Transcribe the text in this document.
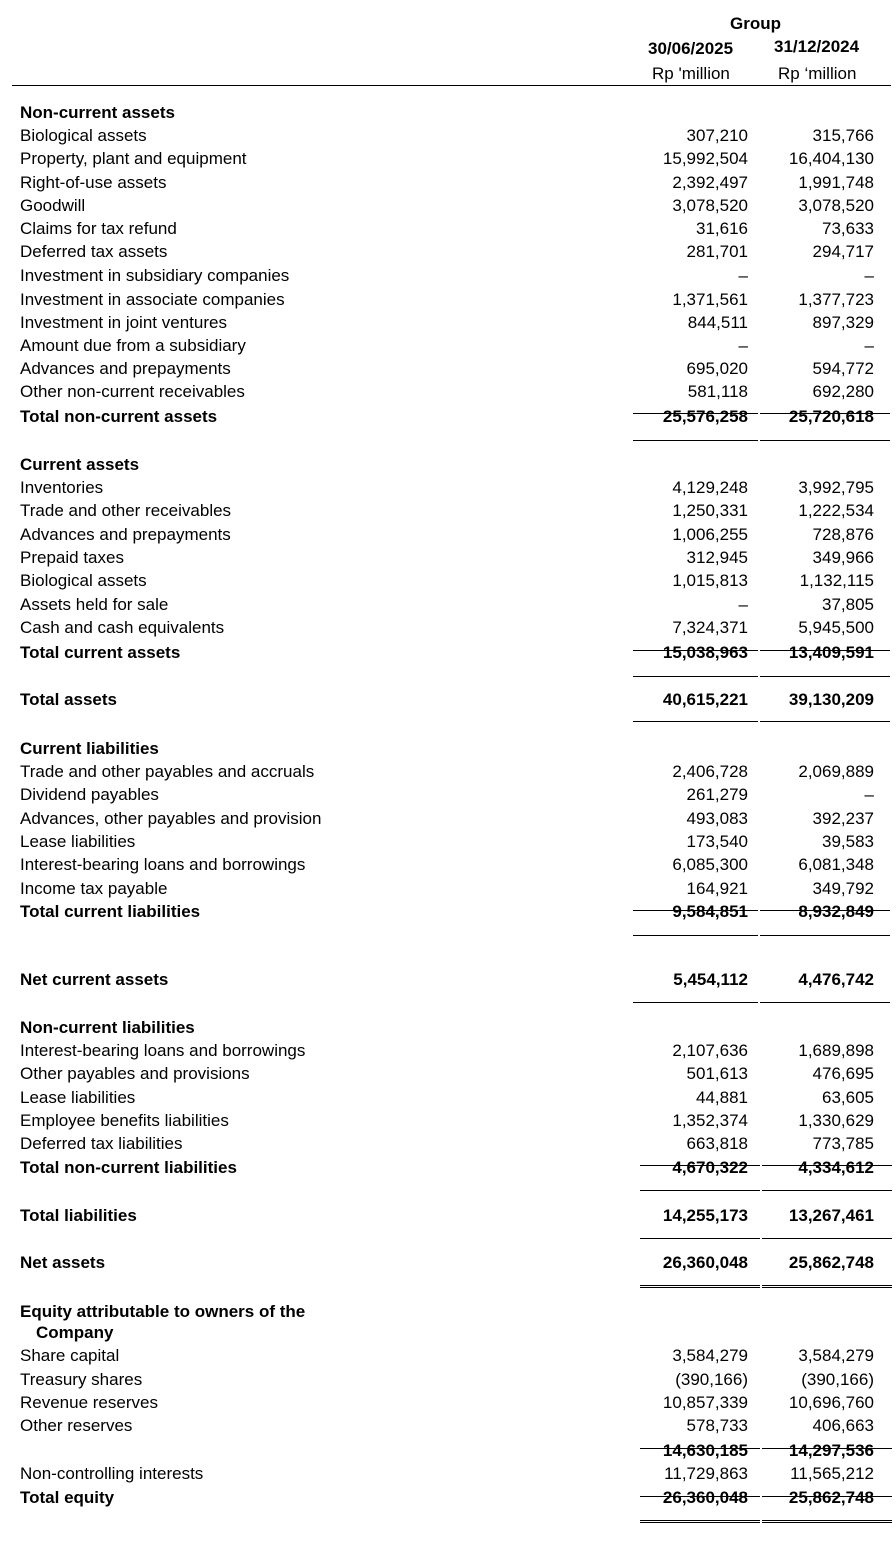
Group
30/06/2025 31/12/2024
Rp 'million	Rp ‘million
Non-current assets
Biological assets	307,210	315,766
Property, plant and equipment	15,992,504 16,404,130
Right-of-use assets	2,392,497	1,991,748
Goodwill	3,078,520	3,078,520
Claims for tax refund	31,616	73,633
Deferred tax assets	281,701	294,717
Investment in subsidiary companies	–	–
Investment in associate companies	1,371,561	1,377,723
Investment in joint ventures	844,511	897,329
Amount due from a subsidiary	–	–
Advances and prepayments	695,020	594,772
Other non-current receivables	581,118	692,280
Total non-current assets	25,576,258 25,720,618
Current assets
Inventories	4,129,248	3,992,795
Trade and other receivables	1,250,331	1,222,534
Advances and prepayments	1,006,255	728,876
Prepaid taxes	312,945	349,966
Biological assets	1,015,813	1,132,115
Assets held for sale	–	37,805
Cash and cash equivalents	7,324,371	5,945,500
Total current assets	15,038,963 13,409,591
Total assets	40,615,221 39,130,209
Current liabilities
Trade and other payables and accruals	2,406,728	2,069,889
Dividend payables	261,279	–
Advances, other payables and provision	493,083	392,237
Lease liabilities	173,540	39,583
Interest-bearing loans and borrowings	6,085,300	6,081,348
Income tax payable	164,921	349,792
Total current liabilities	9,584,851	8,932,849
Net current assets	5,454,112	4,476,742
Non-current liabilities
Interest-bearing loans and borrowings	2,107,636	1,689,898
Other payables and provisions	501,613	476,695
Lease liabilities	44,881	63,605
Employee benefits liabilities	1,352,374	1,330,629
Deferred tax liabilities	663,818	773,785
Total non-current liabilities	4,670,322	4,334,612
Total liabilities	14,255,173 13,267,461
Net assets	26,360,048 25,862,748
Equity attributable to owners of the
Company
Share capital	3,584,279	3,584,279
Treasury shares	(390,166)	(390,166)
Revenue reserves	10,857,339 10,696,760
Other reserves	578,733	406,663
14,630,185 14,297,536
Non-controlling interests	11,729,863 11,565,212
Total equity	26,360,048 25,862,748
